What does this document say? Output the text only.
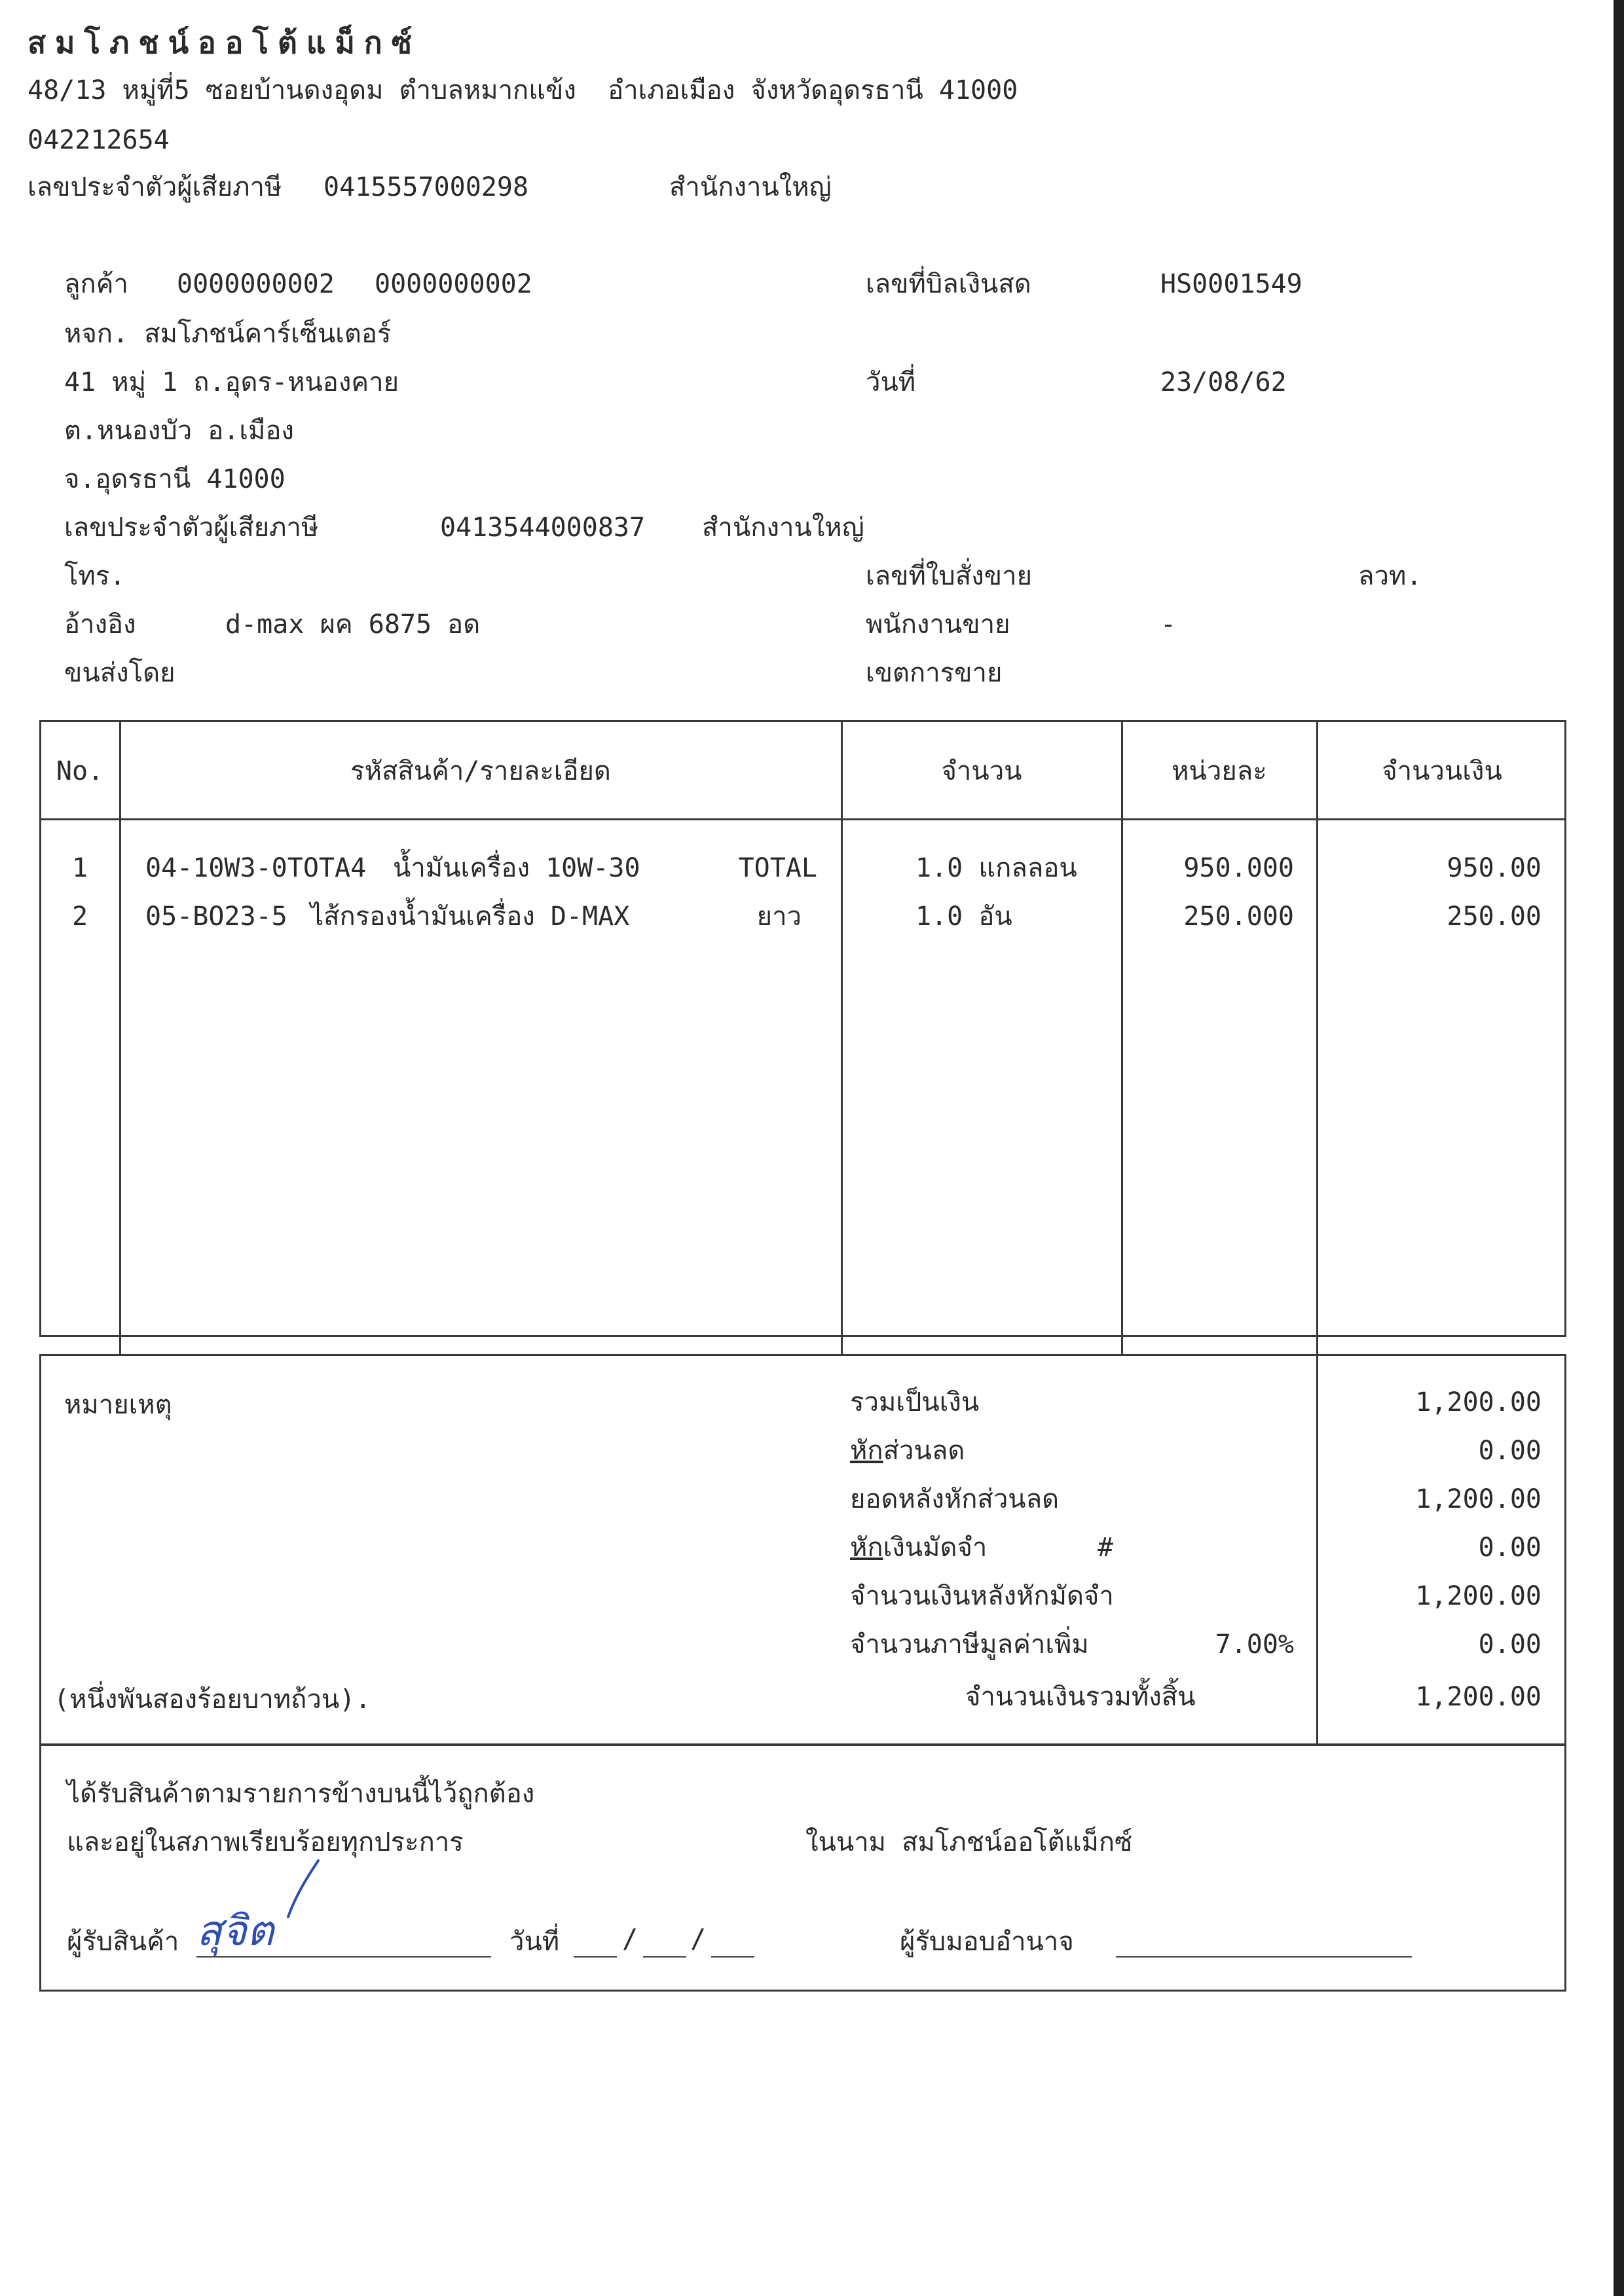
สมโภชน์ออโต้แม็กซ์
48/13 หมู่ที่5 ซอยบ้านดงอุดม ตำบลหมากแข้ง  อำเภอเมือง จังหวัดอุดรธานี 41000
042212654
เลขประจำตัวผู้เสียภาษี 0415557000298	สำนักงานใหญ่
ลูกค้า 0000000002 0000000002
หจก. สมโภชน์คาร์เซ็นเตอร์
41 หมู่ 1 ถ.อุดร-หนองคาย
ต.หนองบัว อ.เมือง
จ.อุดรธานี 41000
เลขประจำตัวผู้เสียภาษี	0413544000837 สำนักงานใหญ่
โทร.
อ้างอิง	d-max ผค 6875 อด
ขนส่งโดย
เลขที่บิลเงินสด	HS0001549
วันที่	23/08/62
เลขที่ใบสั่งขาย	ลวท.
พนักงานขาย	-
เขตการขาย
No.	รหัสสินค้า/รายละเอียด	จำนวน	หน่วยละ	จำนวนเงิน
1	04-10W3-0TOTA4 น้ำมันเครื่อง 10W-30	TOTAL	1.0 แกลลอน	950.000	950.00
2	05-BO23-5 ไส้กรองน้ำมันเครื่อง D-MAX	ยาว	1.0 อัน	250.000	250.00
หมายเหตุ	รวมเป็นเงิน	1,200.00
หักส่วนลด	0.00
ยอดหลังหักส่วนลด	1,200.00
หักเงินมัดจำ	#	0.00
จำนวนเงินหลังหักมัดจำ	1,200.00
จำนวนภาษีมูลค่าเพิ่ม	7.00%	0.00
(หนึ่งพันสองร้อยบาทถ้วน).	จำนวนเงินรวมทั้งสิ้น	1,200.00
ได้รับสินค้าตามรายการข้างบนนี้ไว้ถูกต้อง
และอยู่ในสภาพเรียบร้อยทุกประการ	ในนาม สมโภชน์ออโต้แม็กซ์
ผู้รับสินค้า สุจิต	วันที่ / /	ผู้รับมอบอำนาจ
